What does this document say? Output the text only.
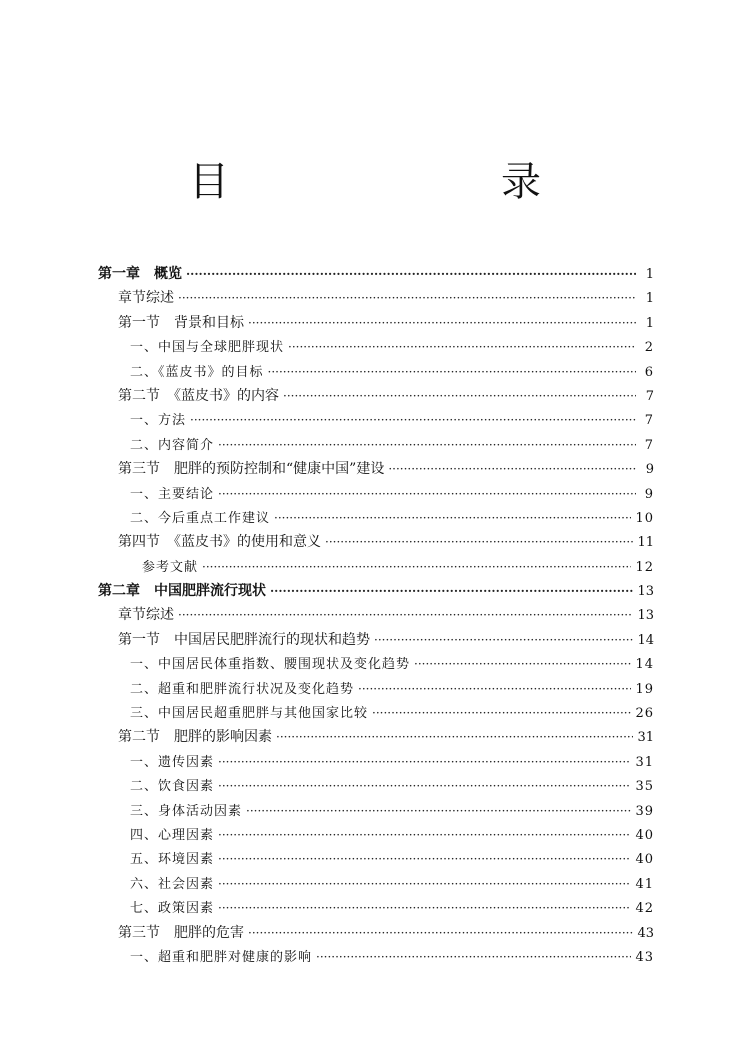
目　　录
第一章　概览 ·····	1
章节综述 ·····	1
第一节　背景和目标 ·····	1
一、中国与全球肥胖现状 ·····	2
二、《蓝皮书》的目标 ·····	6
第二节　《蓝皮书》的内容 ·····	7
一、方法 ·····	7
二、内容简介 ·····	7
第三节　肥胖的预防控制和“健康中国”建设 ·····	9
一、主要结论 ·····	9
二、今后重点工作建议 ·····	10
第四节　《蓝皮书》的使用和意义 ·····	11
参考文献 ·····	12
第二章　中国肥胖流行现状 ·····	13
章节综述 ·····	13
第一节　中国居民肥胖流行的现状和趋势 ·····	14
一、中国居民体重指数、腰围现状及变化趋势 ·····	14
二、超重和肥胖流行状况及变化趋势 ·····	19
三、中国居民超重肥胖与其他国家比较 ·····	26
第二节　肥胖的影响因素 ·····	31
一、遗传因素 ·····	31
二、饮食因素 ·····	35
三、身体活动因素 ·····	39
四、心理因素 ·····	40
五、环境因素 ·····	40
六、社会因素 ·····	41
七、政策因素 ·····	42
第三节　肥胖的危害 ·····	43
一、超重和肥胖对健康的影响 ·····	43
